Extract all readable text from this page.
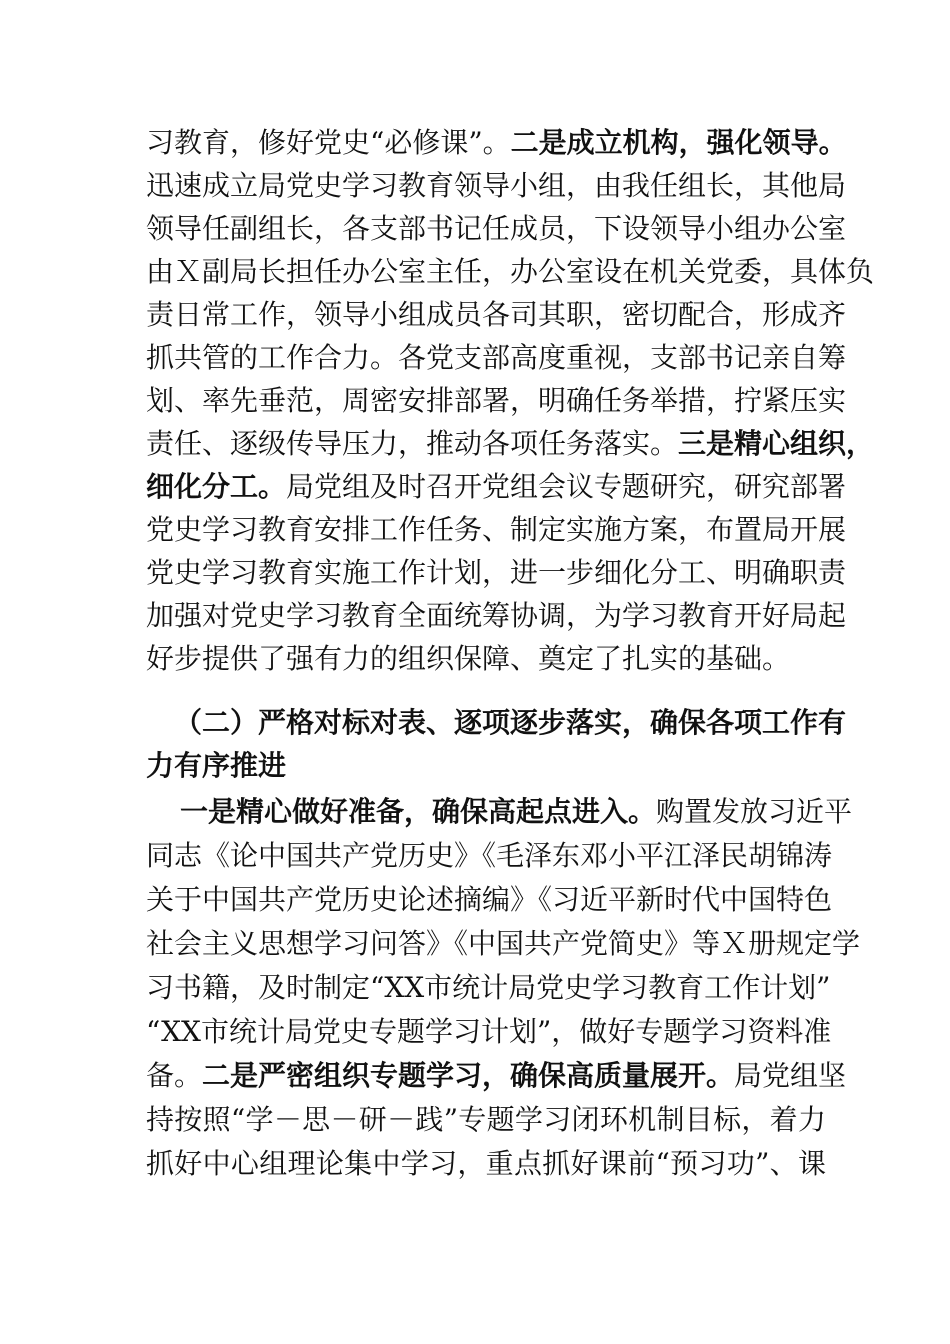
习教育，修好党史“必修课”。二是成立机构，强化领导。
迅速成立局党史学习教育领导小组，由我任组长，其他局
领导任副组长，各支部书记任成员，下设领导小组办公室
由Ｘ副局长担任办公室主任，办公室设在机关党委，具体负
责日常工作，领导小组成员各司其职，密切配合，形成齐
抓共管的工作合力。各党支部高度重视，支部书记亲自筹
划、率先垂范，周密安排部署，明确任务举措，拧紧压实
责任、逐级传导压力，推动各项任务落实。三是精心组织，
细化分工。局党组及时召开党组会议专题研究，研究部署
党史学习教育安排工作任务、制定实施方案，布置局开展
党史学习教育实施工作计划，进一步细化分工、明确职责
加强对党史学习教育全面统筹协调，为学习教育开好局起
好步提供了强有力的组织保障、奠定了扎实的基础。
（二）严格对标对表、逐项逐步落实，确保各项工作有
力有序推进
一是精心做好准备，确保高起点进入。购置发放习近平
同志《论中国共产党历史》《毛泽东邓小平江泽民胡锦涛
关于中国共产党历史论述摘编》《习近平新时代中国特色
社会主义思想学习问答》《中国共产党简史》等Ｘ册规定学
习书籍，及时制定“XX市统计局党史学习教育工作计划”
“XX市统计局党史专题学习计划”，做好专题学习资料准
备。二是严密组织专题学习，确保高质量展开。局党组坚
持按照“学－思－研－践”专题学习闭环机制目标，着力
抓好中心组理论集中学习，重点抓好课前“预习功”、课
